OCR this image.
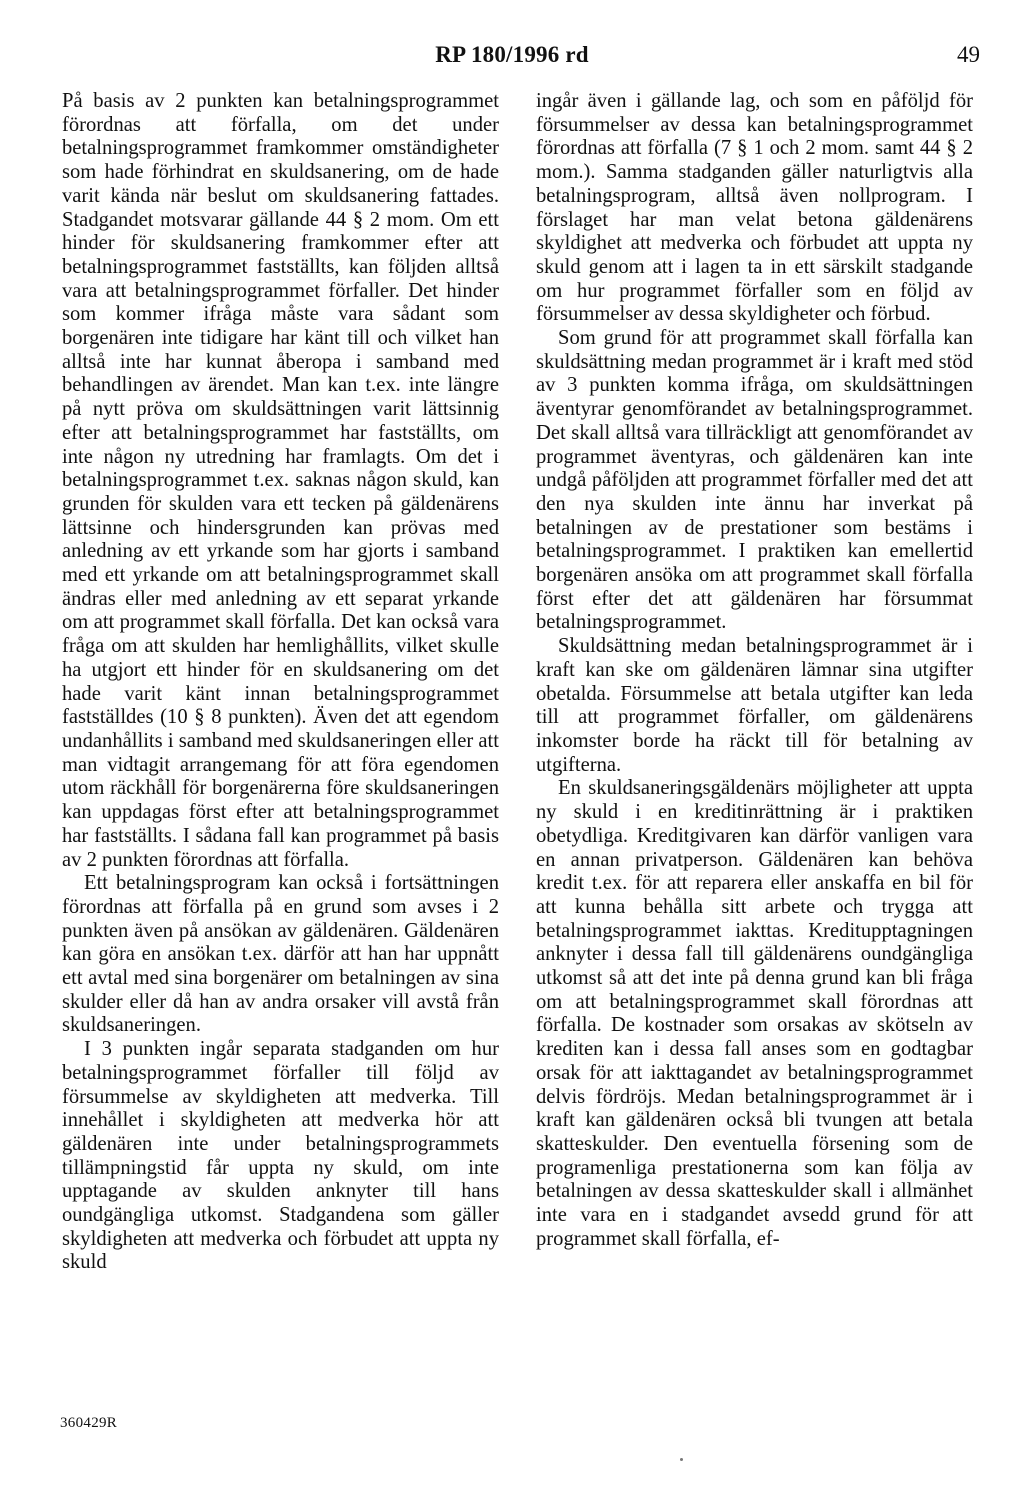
RP 180/1996 rd	49

På basis av 2 punkten kan betalningsprogrammet förordnas att förfalla, om det under betalningsprogrammet framkommer omständigheter som hade förhindrat en skuldsanering, om de hade varit kända när beslut om skuldsanering fattades. Stadgandet motsvarar gällande 44 § 2 mom. Om ett hinder för skuldsanering framkommer efter att betalningsprogrammet fastställts, kan följden alltså vara att betalningsprogrammet förfaller. Det hinder som kommer ifråga måste vara sådant som borgenären inte tidigare har känt till och vilket han alltså inte har kunnat åberopa i samband med behandlingen av ärendet. Man kan t.ex. inte längre på nytt pröva om skuldsättningen varit lättsinnig efter att betalningsprogrammet har fastställts, om inte någon ny utredning har framlagts. Om det i betalningsprogrammet t.ex. saknas någon skuld, kan grunden för skulden vara ett tecken på gäldenärens lättsinne och hindersgrunden kan prövas med anledning av ett yrkande som har gjorts i samband med ett yrkande om att betalningsprogrammet skall ändras eller med anledning av ett separat yrkande om att programmet skall förfalla. Det kan också vara fråga om att skulden har hemlighållits, vilket skulle ha utgjort ett hinder för en skuldsanering om det hade varit känt innan betalningsprogrammet fastställdes (10 § 8 punkten). Även det att egendom undanhållits i samband med skuldsaneringen eller att man vidtagit arrangemang för att föra egendomen utom räckhåll för borgenärerna före skuldsaneringen kan uppdagas först efter att betalningsprogrammet har fastställts. I sådana fall kan programmet på basis av 2 punkten förordnas att förfalla.

Ett betalningsprogram kan också i fortsättningen förordnas att förfalla på en grund som avses i 2 punkten även på ansökan av gäldenären. Gäldenären kan göra en ansökan t.ex. därför att han har uppnått ett avtal med sina borgenärer om betalningen av sina skulder eller då han av andra orsaker vill avstå från skuldsaneringen.

I 3 punkten ingår separata stadganden om hur betalningsprogrammet förfaller till följd av försummelse av skyldigheten att medverka. Till innehållet i skyldigheten att medverka hör att gäldenären inte under betalningsprogrammets tillämpningstid får uppta ny skuld, om inte upptagande av skulden anknyter till hans oundgängliga utkomst. Stadgandena som gäller skyldigheten att medverka och förbudet att uppta ny skuld

ingår även i gällande lag, och som en påföljd för försummelser av dessa kan betalningsprogrammet förordnas att förfalla (7 § 1 och 2 mom. samt 44 § 2 mom.). Samma stadganden gäller naturligtvis alla betalningsprogram, alltså även nollprogram. I förslaget har man velat betona gäldenärens skyldighet att medverka och förbudet att uppta ny skuld genom att i lagen ta in ett särskilt stadgande om hur programmet förfaller som en följd av försummelser av dessa skyldigheter och förbud.

Som grund för att programmet skall förfalla kan skuldsättning medan programmet är i kraft med stöd av 3 punkten komma ifråga, om skuldsättningen äventyrar genomförandet av betalningsprogrammet. Det skall alltså vara tillräckligt att genomförandet av programmet äventyras, och gäldenären kan inte undgå påföljden att programmet förfaller med det att den nya skulden inte ännu har inverkat på betalningen av de prestationer som bestäms i betalningsprogrammet. I praktiken kan emellertid borgenären ansöka om att programmet skall förfalla först efter det att gäldenären har försummat betalningsprogrammet.

Skuldsättning medan betalningsprogrammet är i kraft kan ske om gäldenären lämnar sina utgifter obetalda. Försummelse att betala utgifter kan leda till att programmet förfaller, om gäldenärens inkomster borde ha räckt till för betalning av utgifterna.

En skuldsaneringsgäldenärs möjligheter att uppta ny skuld i en kreditinrättning är i praktiken obetydliga. Kreditgivaren kan därför vanligen vara en annan privatperson. Gäldenären kan behöva kredit t.ex. för att reparera eller anskaffa en bil för att kunna behålla sitt arbete och trygga att betalningsprogrammet iakttas. Kreditupptagningen anknyter i dessa fall till gäldenärens oundgängliga utkomst så att det inte på denna grund kan bli fråga om att betalningsprogrammet skall förordnas att förfalla. De kostnader som orsakas av skötseln av krediten kan i dessa fall anses som en godtagbar orsak för att iakttagandet av betalningsprogrammet delvis fördröjs. Medan betalningsprogrammet är i kraft kan gäldenären också bli tvungen att betala skatteskulder. Den eventuella försening som de programenliga prestationerna som kan följa av betalningen av dessa skatteskulder skall i allmänhet inte vara en i stadgandet avsedd grund för att programmet skall förfalla, ef-

360429R
